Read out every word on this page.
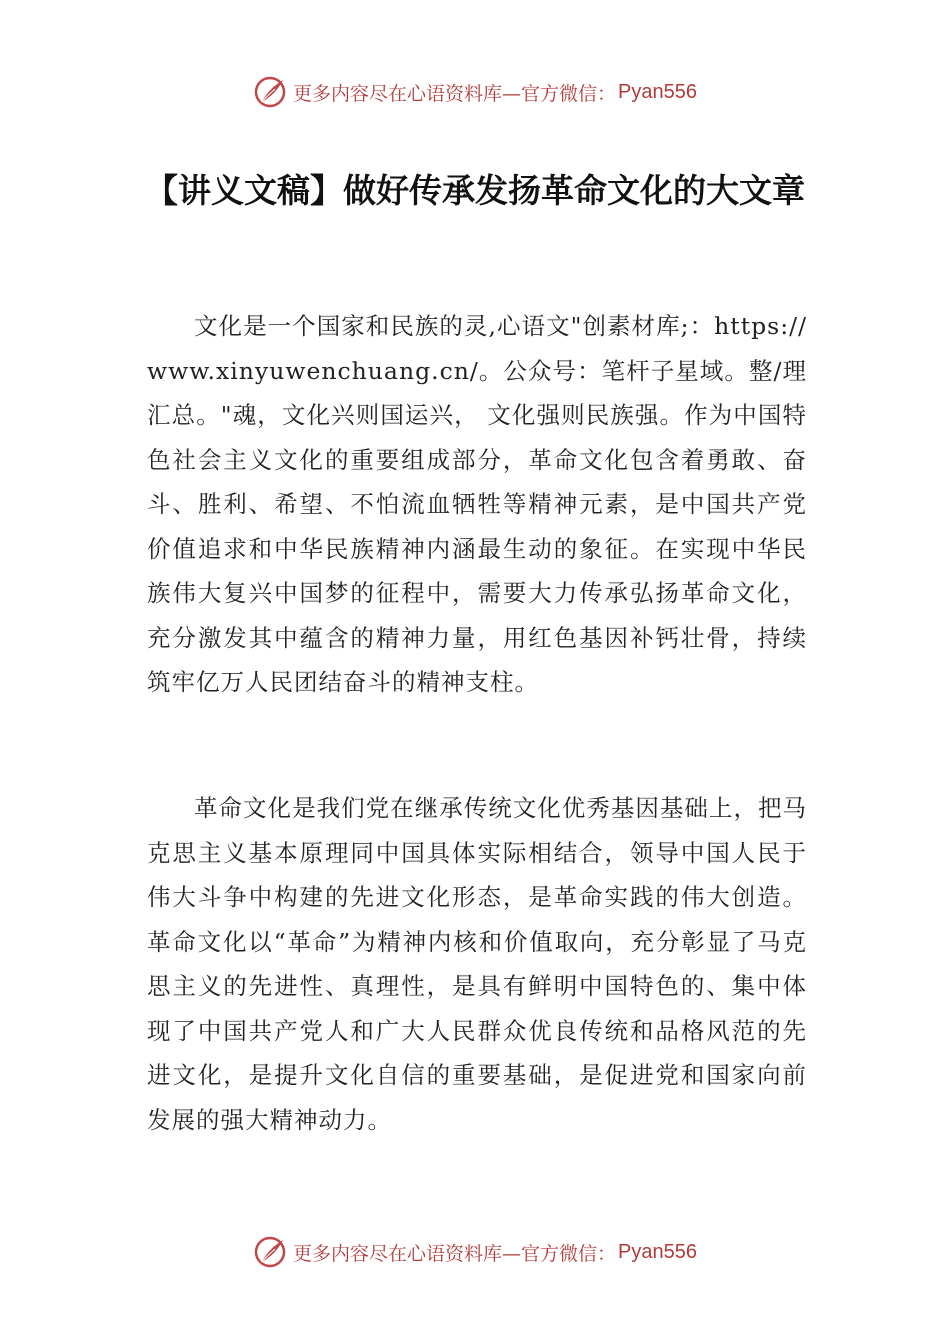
更多内容尽在心语资料库—官方微信： Pyan556
【讲义文稿】做好传承发扬革命文化的大文章

文化是一个国家和民族的灵,心语文"创素材库;：https://www.xinyuwenchuang.cn/。公众号：笔杆子星域。整/理汇总。"魂，文化兴则国运兴， 文化强则民族强。作为中国特色社会主义文化的重要组成部分，革命文化包含着勇敢、奋斗、胜利、希望、不怕流血牺牲等精神元素，是中国共产党价值追求和中华民族精神内涵最生动的象征。在实现中华民族伟大复兴中国梦的征程中，需要大力传承弘扬革命文化，充分激发其中蕴含的精神力量，用红色基因补钙壮骨，持续筑牢亿万人民团结奋斗的精神支柱。

革命文化是我们党在继承传统文化优秀基因基础上，把马克思主义基本原理同中国具体实际相结合，领导中国人民于伟大斗争中构建的先进文化形态，是革命实践的伟大创造。革命文化以“革命”为精神内核和价值取向，充分彰显了马克思主义的先进性、真理性，是具有鲜明中国特色的、集中体现了中国共产党人和广大人民群众优良传统和品格风范的先进文化，是提升文化自信的重要基础，是促进党和国家向前发展的强大精神动力。

更多内容尽在心语资料库—官方微信： Pyan556
